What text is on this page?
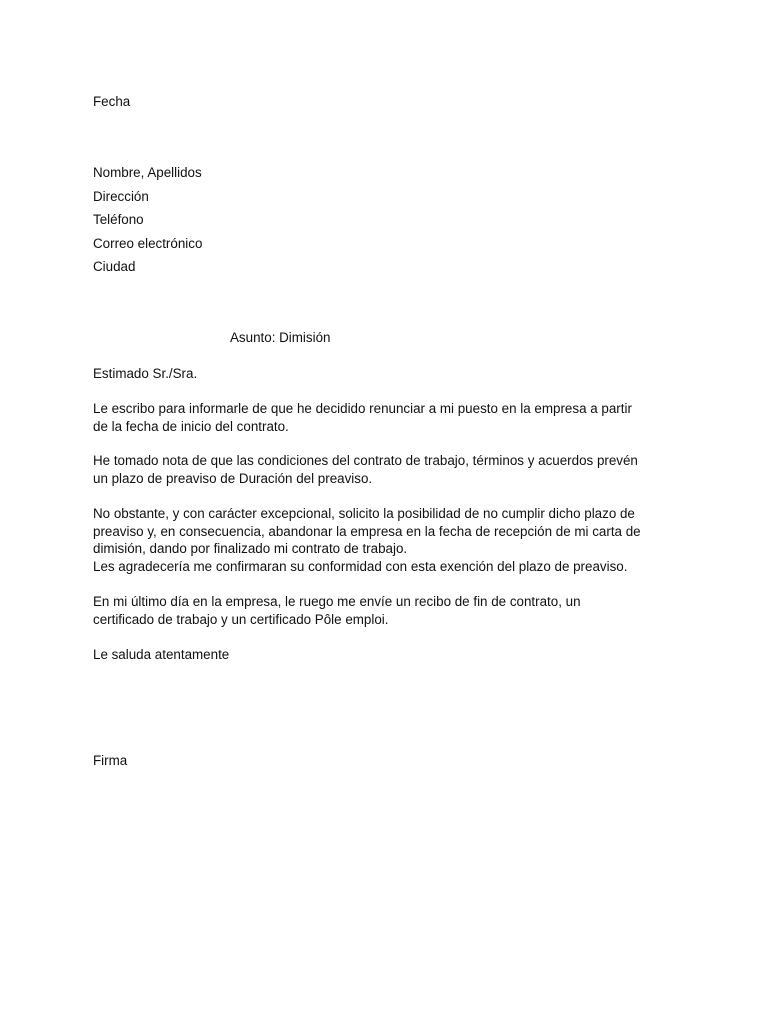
Fecha
Nombre, Apellidos
Dirección
Teléfono
Correo electrónico
Ciudad
Asunto: Dimisión
Estimado Sr./Sra.
Le escribo para informarle de que he decidido renunciar a mi puesto en la empresa a partir
de la fecha de inicio del contrato.
He tomado nota de que las condiciones del contrato de trabajo, términos y acuerdos prevén
un plazo de preaviso de Duración del preaviso.
No obstante, y con carácter excepcional, solicito la posibilidad de no cumplir dicho plazo de
preaviso y, en consecuencia, abandonar la empresa en la fecha de recepción de mi carta de
dimisión, dando por finalizado mi contrato de trabajo.
Les agradecería me confirmaran su conformidad con esta exención del plazo de preaviso.
En mi último día en la empresa, le ruego me envíe un recibo de fin de contrato, un
certificado de trabajo y un certificado Pôle emploi.
Le saluda atentamente
Firma
